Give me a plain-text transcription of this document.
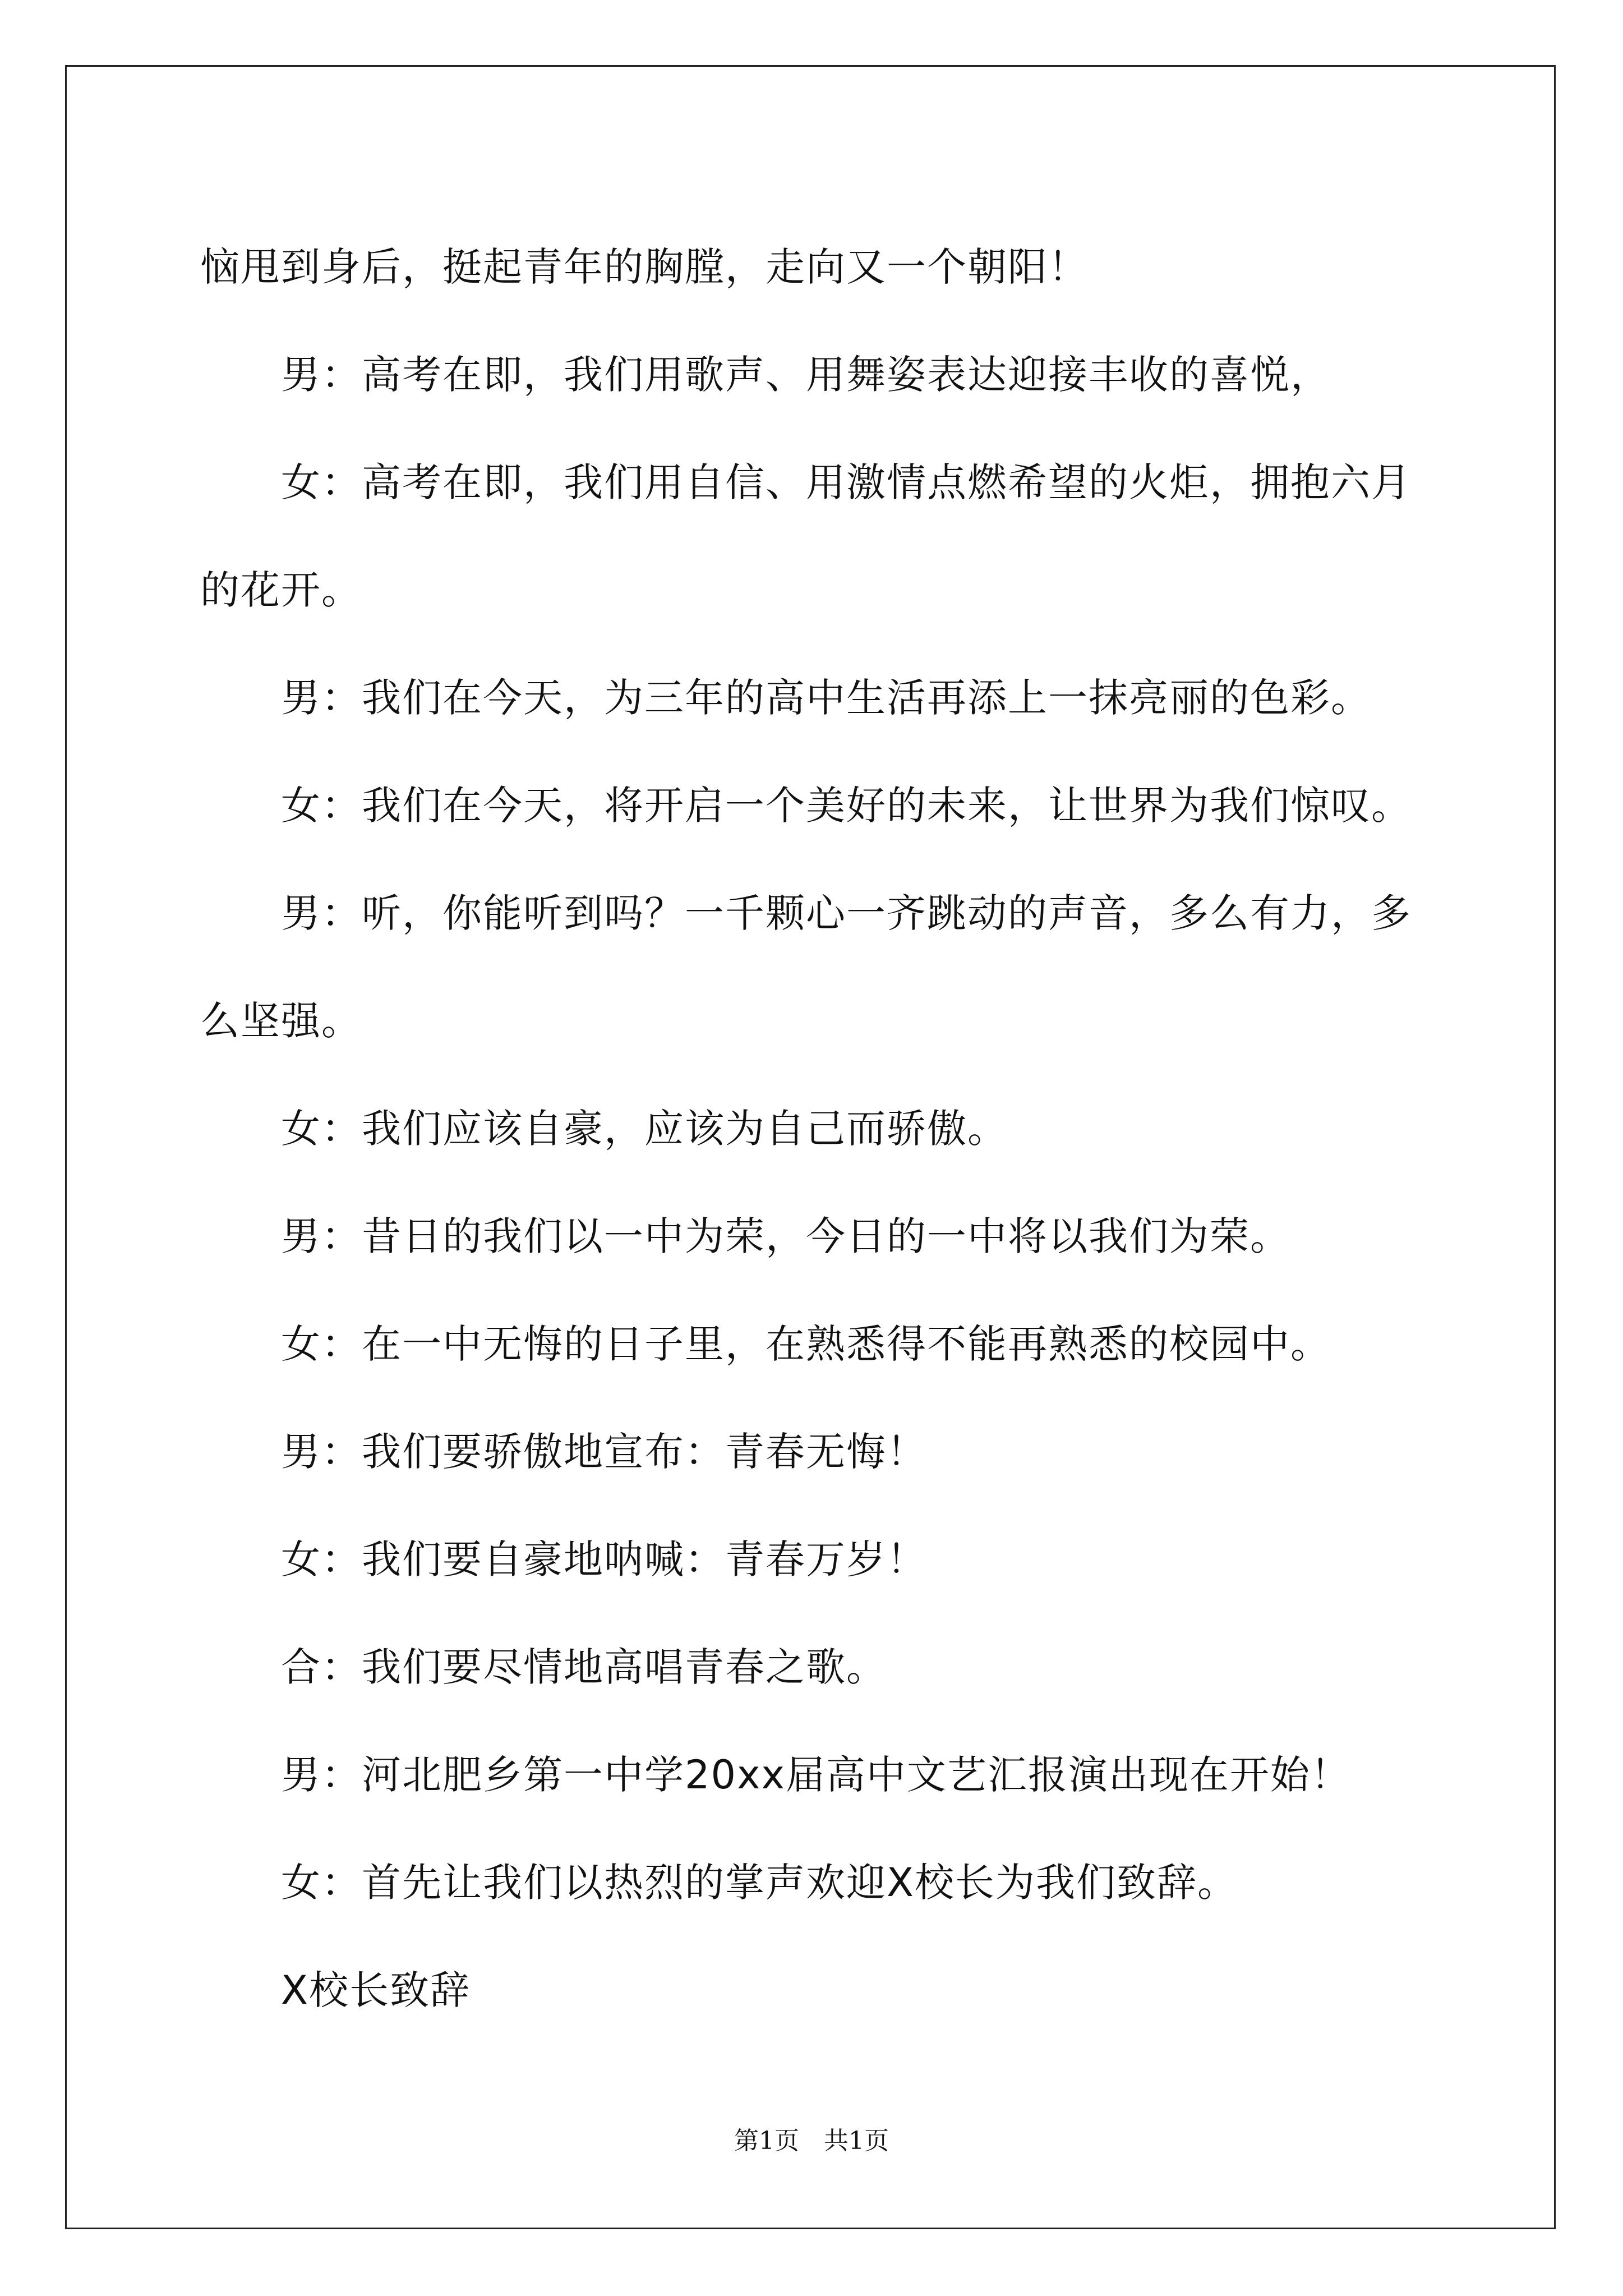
恼甩到身后，挺起青年的胸膛，走向又一个朝阳！

男：高考在即，我们用歌声、用舞姿表达迎接丰收的喜悦，

女：高考在即，我们用自信、用激情点燃希望的火炬，拥抱六月

的花开。

男：我们在今天，为三年的高中生活再添上一抹亮丽的色彩。

女：我们在今天，将开启一个美好的未来，让世界为我们惊叹。

男：听，你能听到吗？一千颗心一齐跳动的声音，多么有力，多

么坚强。

女：我们应该自豪，应该为自己而骄傲。

男：昔日的我们以一中为荣，今日的一中将以我们为荣。

女：在一中无悔的日子里，在熟悉得不能再熟悉的校园中。

男：我们要骄傲地宣布：青春无悔！

女：我们要自豪地呐喊：青春万岁！

合：我们要尽情地高唱青春之歌。

男：河北肥乡第一中学20xx届高中文艺汇报演出现在开始！

女：首先让我们以热烈的掌声欢迎X校长为我们致辞。

X校长致辞

第1页　共1页
